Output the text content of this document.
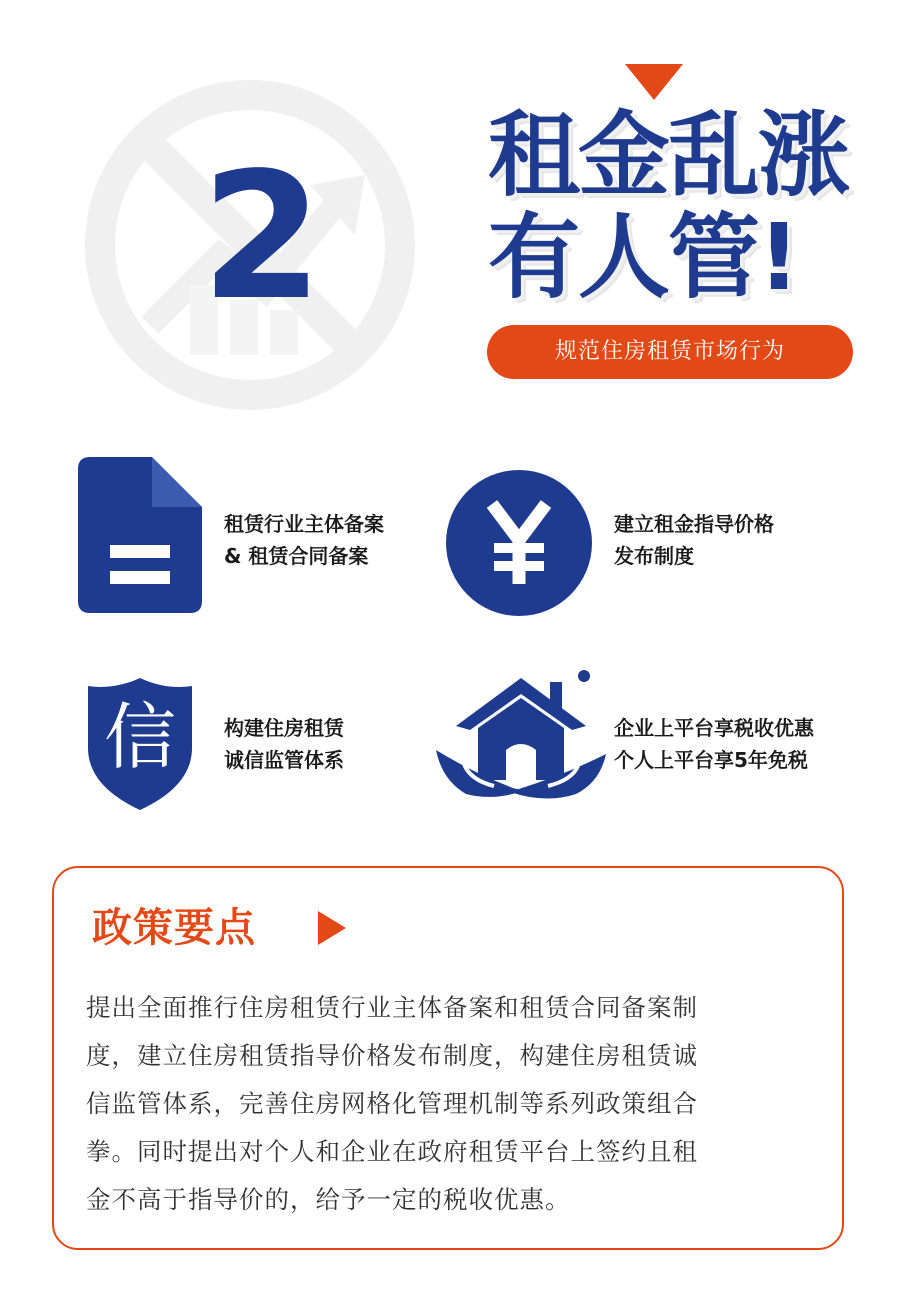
2 租金乱涨
有人管!
规范住房租赁市场行为
租赁行业主体备案
& 租赁合同备案
建立租金指导价格
发布制度
信	构建住房租赁
诚信监管体系
企业上平台享税收优惠
个人上平台享5年免税
政策要点
提出全面推行住房租赁行业主体备案和租赁合同备案制
度，建立住房租赁指导价格发布制度，构建住房租赁诚
信监管体系，完善住房网格化管理机制等系列政策组合
拳。同时提出对个人和企业在政府租赁平台上签约且租
金不高于指导价的，给予一定的税收优惠。
